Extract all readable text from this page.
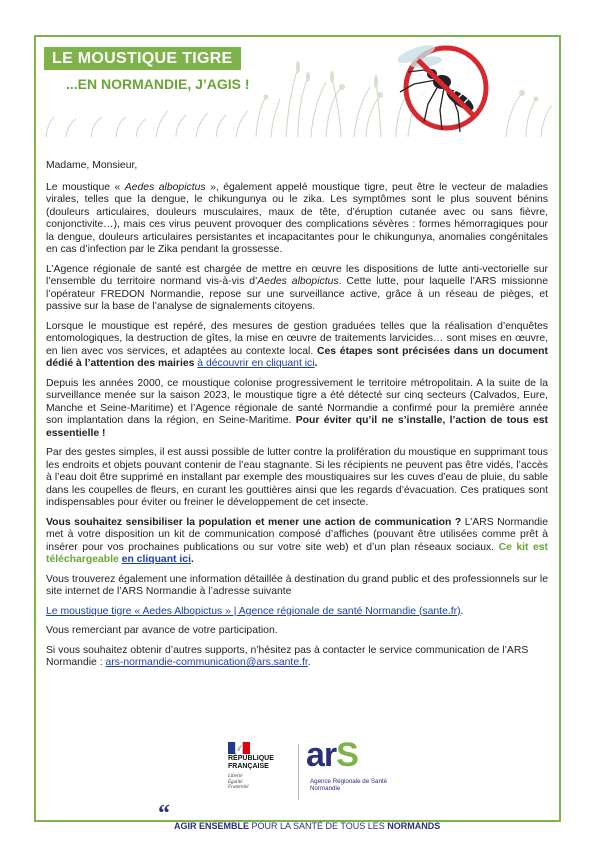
LE MOUSTIQUE TIGRE
...EN NORMANDIE, J’AGIS !

Madame, Monsieur,

Le moustique « Aedes albopictus », également appelé moustique tigre, peut être le vecteur de maladies virales, telles que la dengue, le chikungunya ou le zika. Les symptômes sont le plus souvent bénins (douleurs articulaires, douleurs musculaires, maux de tête, d’éruption cutanée avec ou sans fièvre, conjonctivite…), mais ces virus peuvent provoquer des complications sévères : formes hémorragiques pour la dengue, douleurs articulaires persistantes et incapacitantes pour le chikungunya, anomalies congénitales en cas d’infection par le Zika pendant la grossesse.

L’Agence régionale de santé est chargée de mettre en œuvre les dispositions de lutte anti-vectorielle sur l’ensemble du territoire normand vis-à-vis d’Aedes albopictus. Cette lutte, pour laquelle l’ARS missionne l’opérateur FREDON Normandie, repose sur une surveillance active, grâce à un réseau de pièges, et passive sur la base de l’analyse de signalements citoyens.

Lorsque le moustique est repéré, des mesures de gestion graduées telles que la réalisation d’enquêtes entomologiques, la destruction de gîtes, la mise en œuvre de traitements larvicides… sont mises en œuvre, en lien avec vos services, et adaptées au contexte local. Ces étapes sont précisées dans un document dédié à l’attention des mairies à découvrir en cliquant ici.

Depuis les années 2000, ce moustique colonise progressivement le territoire métropolitain. A la suite de la surveillance menée sur la saison 2023, le moustique tigre a été détecté sur cinq secteurs (Calvados, Eure, Manche et Seine-Maritime) et l’Agence régionale de santé Normandie a confirmé pour la première année son implantation dans la région, en Seine-Maritime. Pour éviter qu’il ne s’installe, l’action de tous est essentielle !

Par des gestes simples, il est aussi possible de lutter contre la prolifération du moustique en supprimant tous les endroits et objets pouvant contenir de l’eau stagnante. Si les récipients ne peuvent pas être vidés, l’accès à l’eau doit être supprimé en installant par exemple des moustiquaires sur les cuves d’eau de pluie, du sable dans les coupelles de fleurs, en curant les gouttières ainsi que les regards d’évacuation. Ces pratiques sont indispensables pour éviter ou freiner le développement de cet insecte.

Vous souhaitez sensibiliser la population et mener une action de communication ? L’ARS Normandie met à votre disposition un kit de communication composé d’affiches (pouvant être utilisées comme prêt à insérer pour vos prochaines publications ou sur votre site web) et d’un plan réseaux sociaux. Ce kit est téléchargeable en cliquant ici.

Vous trouverez également une information détaillée à destination du grand public et des professionnels sur le site internet de l’ARS Normandie à l’adresse suivante

Le moustique tigre « Aedes Albopictus » | Agence régionale de santé Normandie (sante.fr).

Vous remerciant par avance de votre participation.

Si vous souhaitez obtenir d’autres supports, n’hésitez pas à contacter le service communication de l’ARS Normandie : ars-normandie-communication@ars.sante.fr.

RÉPUBLIQUE
FRANÇAISE
Liberté
Égalité
Fraternité
arS
Agence Régionale de Santé
Normandie
“ AGIR ENSEMBLE POUR LA SANTÉ DE TOUS LES NORMANDS
